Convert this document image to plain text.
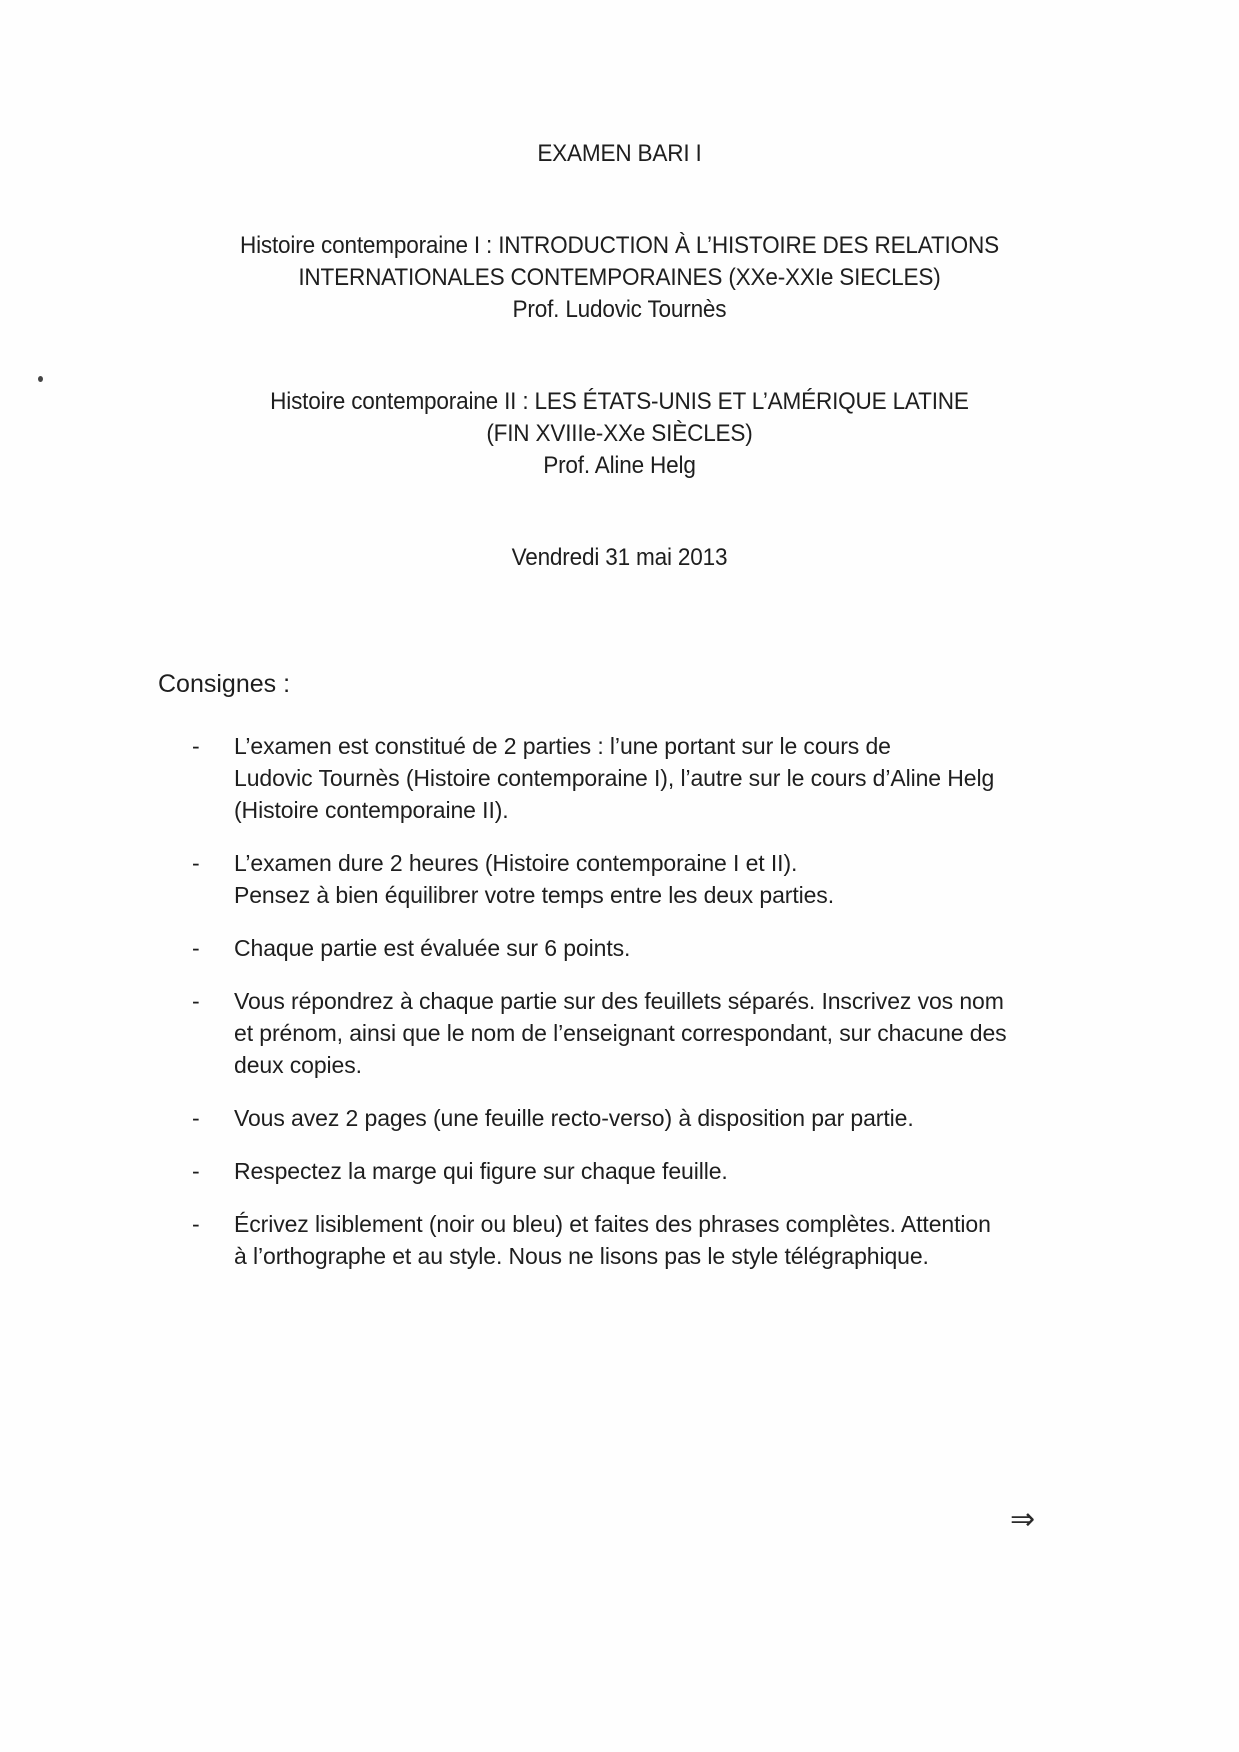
EXAMEN BARI I
Histoire contemporaine I : INTRODUCTION À L’HISTOIRE DES RELATIONS
INTERNATIONALES CONTEMPORAINES (XXe-XXIe SIECLES)
Prof. Ludovic Tournès
Histoire contemporaine II : LES ÉTATS-UNIS ET L’AMÉRIQUE LATINE
(FIN XVIIIe-XXe SIÈCLES)
Prof. Aline Helg
Vendredi 31 mai 2013
Consignes :
- L’examen est constitué de 2 parties : l’une portant sur le cours de
Ludovic Tournès (Histoire contemporaine I), l’autre sur le cours d’Aline Helg
(Histoire contemporaine II).
- L’examen dure 2 heures (Histoire contemporaine I et II).
Pensez à bien équilibrer votre temps entre les deux parties.
- Chaque partie est évaluée sur 6 points.
- Vous répondrez à chaque partie sur des feuillets séparés. Inscrivez vos nom
et prénom, ainsi que le nom de l’enseignant correspondant, sur chacune des
deux copies.
- Vous avez 2 pages (une feuille recto-verso) à disposition par partie.
- Respectez la marge qui figure sur chaque feuille.
- Écrivez lisiblement (noir ou bleu) et faites des phrases complètes. Attention
à l’orthographe et au style. Nous ne lisons pas le style télégraphique.
⇒
